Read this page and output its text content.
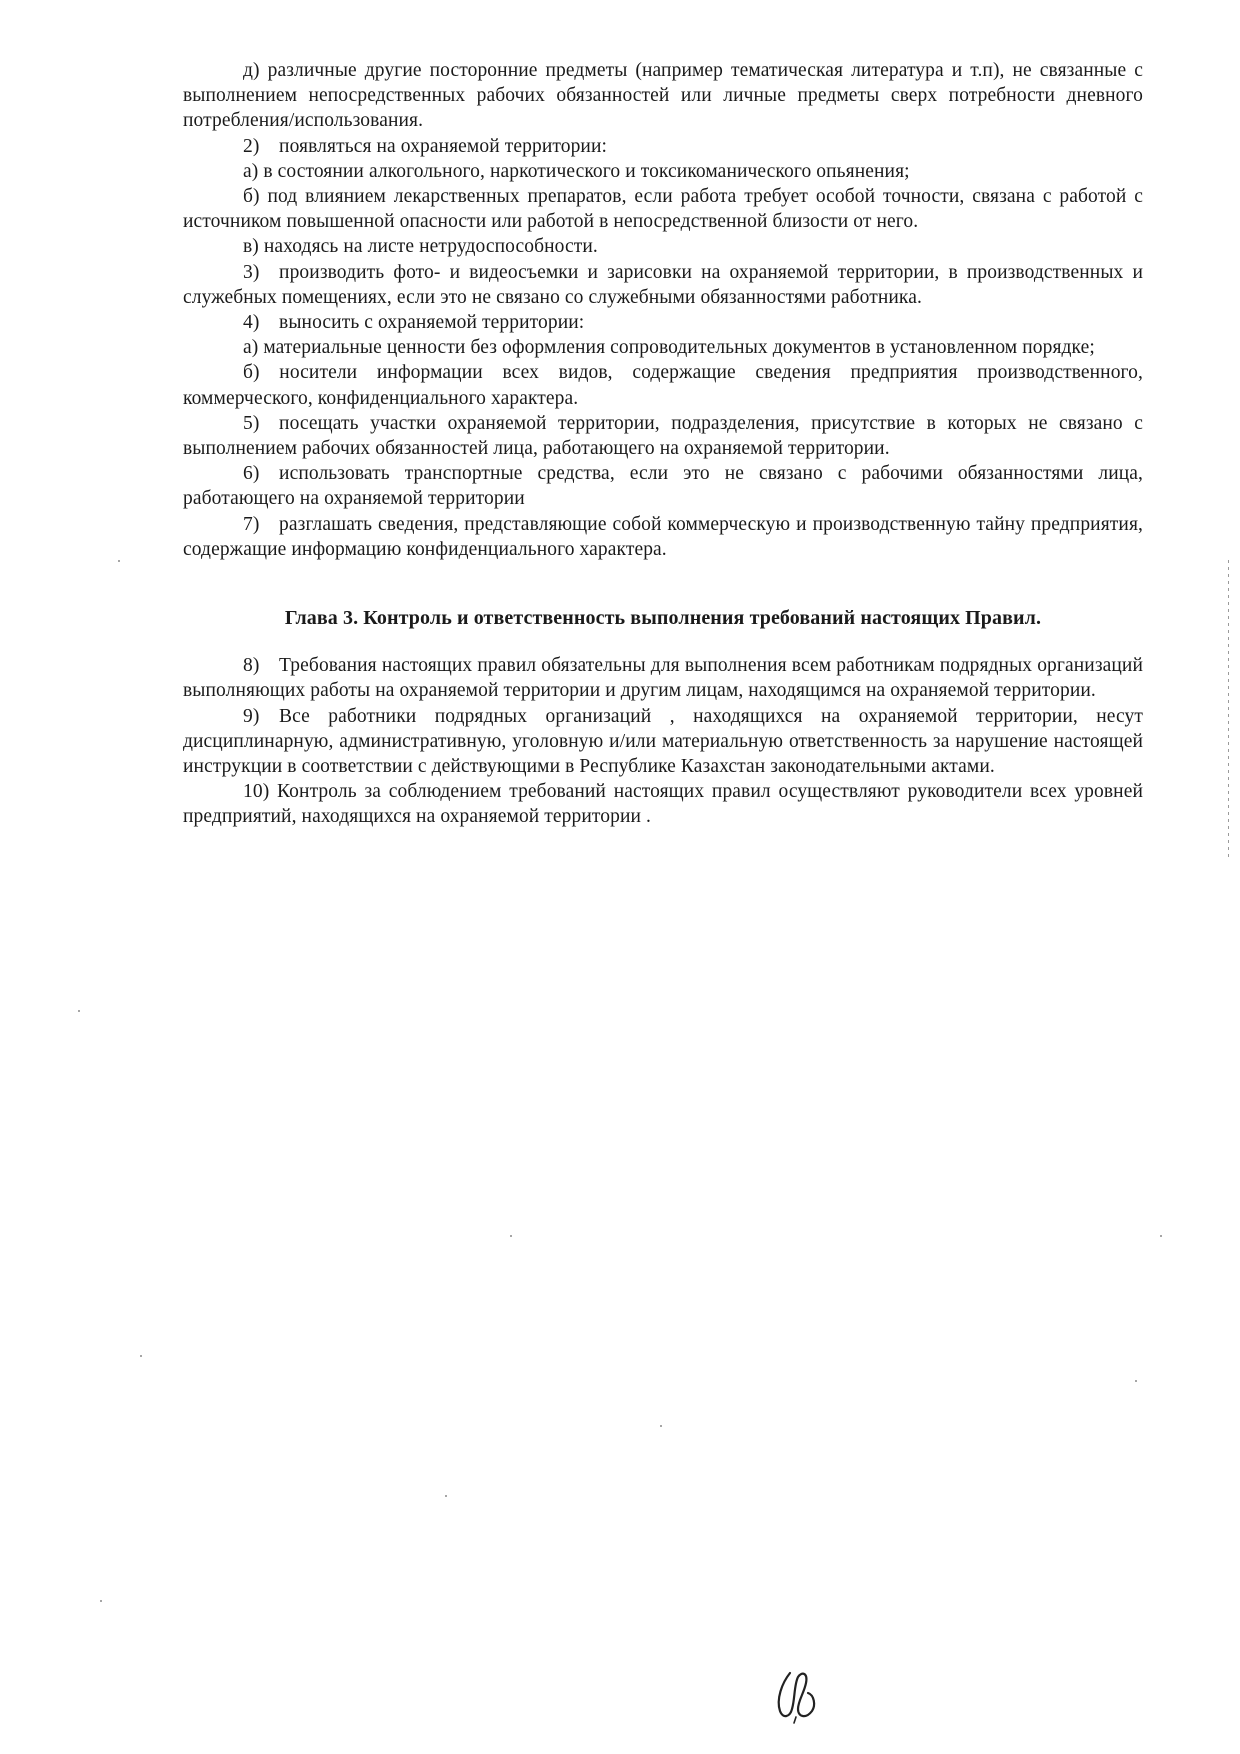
д) различные другие посторонние предметы (например тематическая литература и т.п), не связанные с выполнением непосредственных рабочих обязанностей или личные предметы сверх потребности дневного потребления/использования.

2) появляться на охраняемой территории:

а) в состоянии алкогольного, наркотического и токсикоманического опьянения;

б) под влиянием лекарственных препаратов, если работа требует особой точности, связана с работой с источником повышенной опасности или работой в непосредственной близости от него.

в) находясь на листе нетрудоспособности.

3) производить фото- и видеосъемки и зарисовки на охраняемой территории, в производственных и служебных помещениях, если это не связано со служебными обязанностями работника.

4) выносить с охраняемой территории:

а) материальные ценности без оформления сопроводительных документов в установленном порядке;

б) носители информации всех видов, содержащие сведения предприятия производственного, коммерческого, конфиденциального характера.

5) посещать участки охраняемой территории, подразделения, присутствие в которых не связано с выполнением рабочих обязанностей лица, работающего на охраняемой территории.

6) использовать транспортные средства, если это не связано с рабочими обязанностями лица, работающего на охраняемой территории

7) разглашать сведения, представляющие собой коммерческую и производственную тайну предприятия, содержащие информацию конфиденциального характера.

Глава 3. Контроль и ответственность выполнения требований настоящих Правил.

8) Требования настоящих правил обязательны для выполнения всем работникам подрядных организаций выполняющих работы на охраняемой территории и другим лицам, находящимся на охраняемой территории.

9) Все работники подрядных организаций , находящихся на охраняемой территории, несут дисциплинарную, административную, уголовную и/или материальную ответственность за нарушение настоящей инструкции в соответствии с действующими в Республике Казахстан законодательными актами.

10) Контроль за соблюдением требований настоящих правил осуществляют руководители всех уровней предприятий, находящихся на охраняемой территории .
